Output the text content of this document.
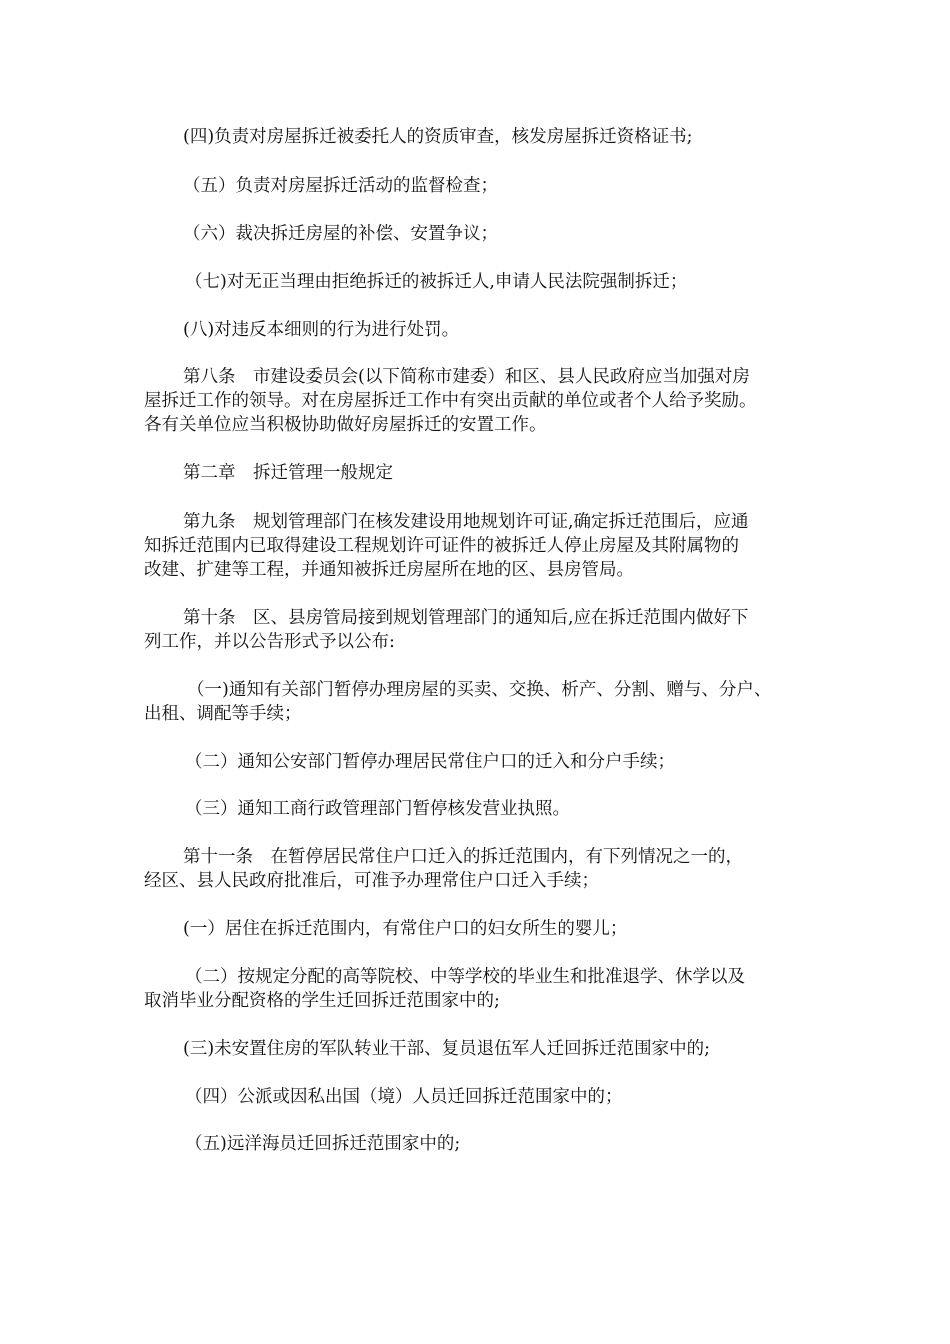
(四)负责对房屋拆迁被委托人的资质审查，核发房屋拆迁资格证书;

（五）负责对房屋拆迁活动的监督检查；

（六）裁决拆迁房屋的补偿、安置争议；

（七)对无正当理由拒绝拆迁的被拆迁人,申请人民法院强制拆迁；

(八)对违反本细则的行为进行处罚。

第八条　市建设委员会(以下简称市建委）和区、县人民政府应当加强对房
屋拆迁工作的领导。对在房屋拆迁工作中有突出贡献的单位或者个人给予奖励。
各有关单位应当积极协助做好房屋拆迁的安置工作。

第二章　拆迁管理一般规定

第九条　规划管理部门在核发建设用地规划许可证,确定拆迁范围后，应通
知拆迁范围内已取得建设工程规划许可证件的被拆迁人停止房屋及其附属物的
改建、扩建等工程，并通知被拆迁房屋所在地的区、县房管局。

第十条　区、县房管局接到规划管理部门的通知后,应在拆迁范围内做好下
列工作，并以公告形式予以公布:

（一)通知有关部门暂停办理房屋的买卖、交换、析产、分割、赠与、分户、
出租、调配等手续；

（二）通知公安部门暂停办理居民常住户口的迁入和分户手续；

（三）通知工商行政管理部门暂停核发营业执照。

第十一条　在暂停居民常住户口迁入的拆迁范围内，有下列情况之一的，
经区、县人民政府批准后，可准予办理常住户口迁入手续；

(一）居住在拆迁范围内，有常住户口的妇女所生的婴儿；

（二）按规定分配的高等院校、中等学校的毕业生和批准退学、休学以及
取消毕业分配资格的学生迁回拆迁范围家中的;

(三)未安置住房的军队转业干部、复员退伍军人迁回拆迁范围家中的;

（四）公派或因私出国（境）人员迁回拆迁范围家中的；

（五)远洋海员迁回拆迁范围家中的;
